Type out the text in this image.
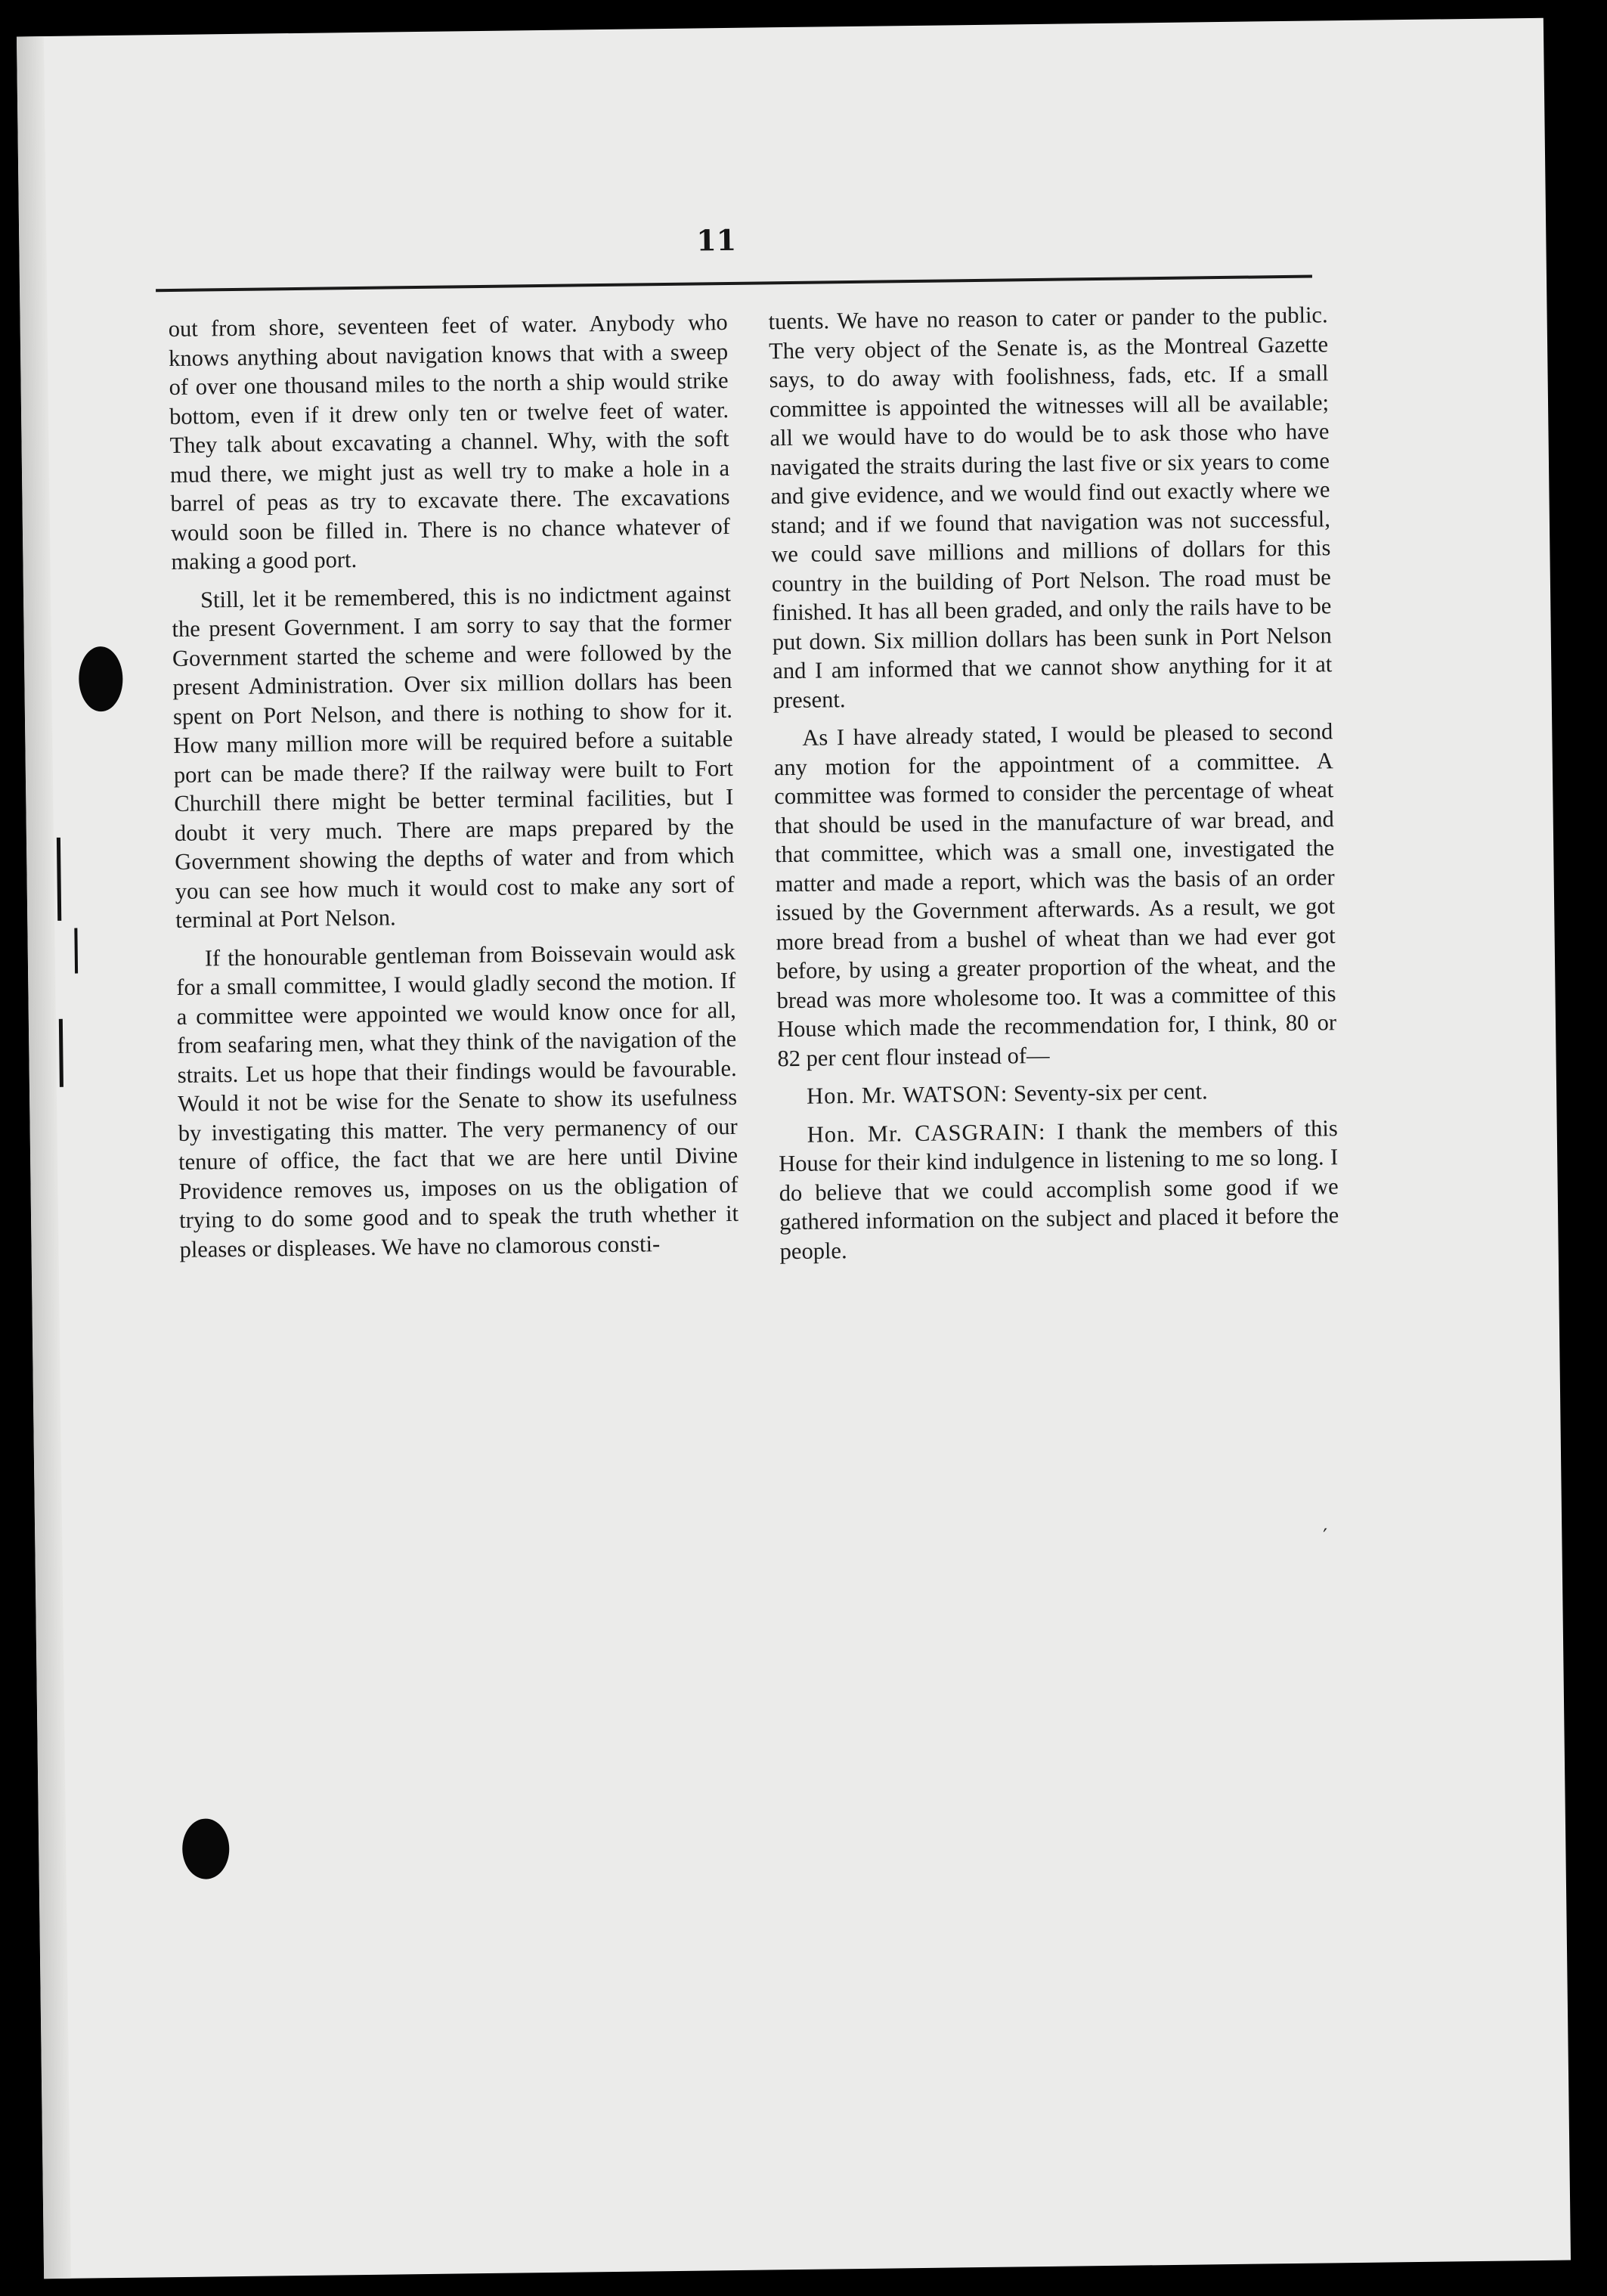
11

out from shore, seventeen feet of water. Anybody who knows anything about navigation knows that with a sweep of over one thousand miles to the north a ship would strike bottom, even if it drew only ten or twelve feet of water. They talk about excavating a channel. Why, with the soft mud there, we might just as well try to make a hole in a barrel of peas as try to excavate there. The excavations would soon be filled in. There is no chance whatever of making a good port.

Still, let it be remembered, this is no indictment against the present Government. I am sorry to say that the former Government started the scheme and were followed by the present Administration. Over six million dollars has been spent on Port Nelson, and there is nothing to show for it. How many million more will be required before a suitable port can be made there? If the railway were built to Fort Churchill there might be better terminal facilities, but I doubt it very much. There are maps prepared by the Government showing the depths of water and from which you can see how much it would cost to make any sort of terminal at Port Nelson.

If the honourable gentleman from Boissevain would ask for a small committee, I would gladly second the motion. If a committee were appointed we would know once for all, from seafaring men, what they think of the navigation of the straits. Let us hope that their findings would be favourable. Would it not be wise for the Senate to show its usefulness by investigating this matter. The very permanency of our tenure of office, the fact that we are here until Divine Providence removes us, imposes on us the obligation of trying to do some good and to speak the truth whether it pleases or displeases. We have no clamorous consti-

tuents. We have no reason to cater or pander to the public. The very object of the Senate is, as the Montreal Gazette says, to do away with foolishness, fads, etc. If a small committee is appointed the witnesses will all be available; all we would have to do would be to ask those who have navigated the straits during the last five or six years to come and give evidence, and we would find out exactly where we stand; and if we found that navigation was not successful, we could save millions and millions of dollars for this country in the building of Port Nelson. The road must be finished. It has all been graded, and only the rails have to be put down. Six million dollars has been sunk in Port Nelson and I am informed that we cannot show anything for it at present.

As I have already stated, I would be pleased to second any motion for the appointment of a committee. A committee was formed to consider the percentage of wheat that should be used in the manufacture of war bread, and that committee, which was a small one, investigated the matter and made a report, which was the basis of an order issued by the Government afterwards. As a result, we got more bread from a bushel of wheat than we had ever got before, by using a greater proportion of the wheat, and the bread was more wholesome too. It was a committee of this House which made the recommendation for, I think, 80 or 82 per cent flour instead of—

Hon. Mr. WATSON: Seventy-six per cent.

Hon. Mr. CASGRAIN: I thank the members of this House for their kind indulgence in listening to me so long. I do believe that we could accomplish some good if we gathered information on the subject and placed it before the people.

′
